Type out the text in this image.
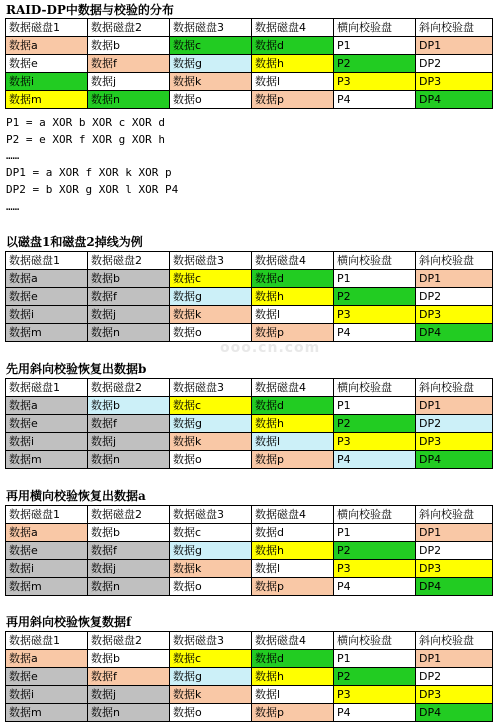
RAID-DP中数据与校验的分布
数据磁盘1	数据磁盘2	数据磁盘3	数据磁盘4	横向校验盘	斜向校验盘
数据a	数据b	数据c	数据d	P1	DP1
数据e	数据f	数据g	数据h	P2	DP2
数据i	数据j	数据k	数据l	P3	DP3
数据m	数据n	数据o	数据p	P4	DP4
P1 = a XOR b XOR c XOR d
P2 = e XOR f XOR g XOR h
……
DP1 = a XOR f XOR k XOR p
DP2 = b XOR g XOR l XOR P4
……
以磁盘1和磁盘2掉线为例
数据磁盘1	数据磁盘2	数据磁盘3	数据磁盘4	横向校验盘	斜向校验盘
数据a	数据b	数据c	数据d	P1	DP1
数据e	数据f	数据g	数据h	P2	DP2
数据i	数据j	数据k	数据l	P3	DP3
数据m	数据n	数据o	数据p	P4	DP4
ooo.cn.com
先用斜向校验恢复出数据b
数据磁盘1	数据磁盘2	数据磁盘3	数据磁盘4	横向校验盘	斜向校验盘
数据a	数据b	数据c	数据d	P1	DP1
数据e	数据f	数据g	数据h	P2	DP2
数据i	数据j	数据k	数据l	P3	DP3
数据m	数据n	数据o	数据p	P4	DP4
再用横向校验恢复出数据a
数据磁盘1	数据磁盘2	数据磁盘3	数据磁盘4	横向校验盘	斜向校验盘
数据a	数据b	数据c	数据d	P1	DP1
数据e	数据f	数据g	数据h	P2	DP2
数据i	数据j	数据k	数据l	P3	DP3
数据m	数据n	数据o	数据p	P4	DP4
再用斜向校验恢复数据f
数据磁盘1	数据磁盘2	数据磁盘3	数据磁盘4	横向校验盘	斜向校验盘
数据a	数据b	数据c	数据d	P1	DP1
数据e	数据f	数据g	数据h	P2	DP2
数据i	数据j	数据k	数据l	P3	DP3
数据m	数据n	数据o	数据p	P4	DP4
